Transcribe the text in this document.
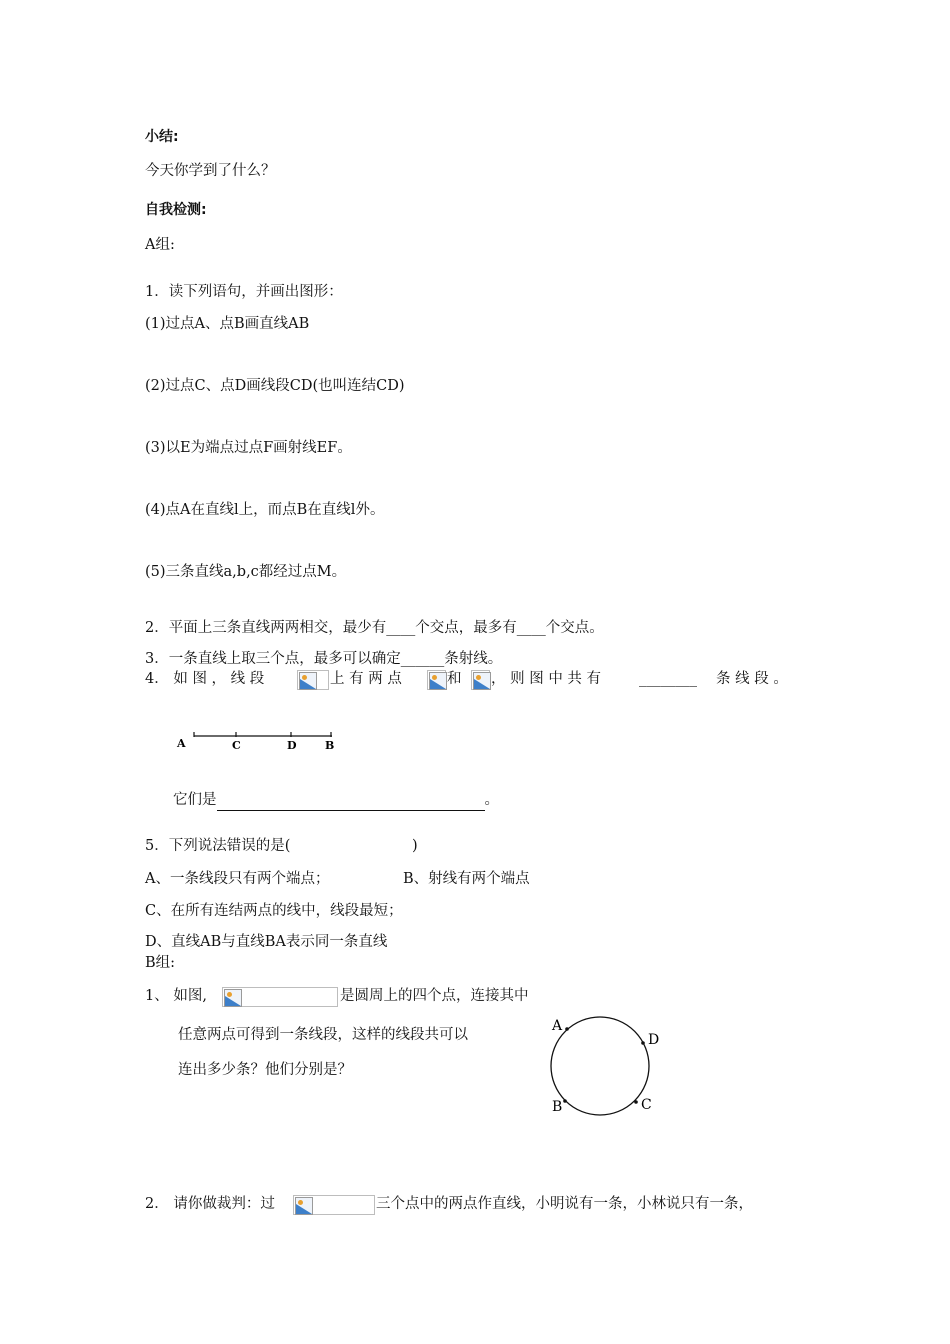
小结:
今天你学到了什么？
自我检测:
A组:
1．读下列语句，并画出图形：
(1)过点A、点B画直线AB
(2)过点C、点D画线段CD(也叫连结CD)
(3)以E为端点过点F画射线EF。
(4)点A在直线l上，而点B在直线l外。
(5)三条直线a,b,c都经过点M。
2．平面上三条直线两两相交，最少有____个交点，最多有____个交点。
3．一条直线上取三个点，最多可以确定______条射线。
4． 如 图 ， 线 段	上 有 两 点	和 ， 则 图 中 共 有	________ 条 线 段 。
A	C	D	B
它们是	。
5．下列说法错误的是(	)
A、一条线段只有两个端点；	B、射线有两个端点
C、在所有连结两点的线中，线段最短；
D、直线AB与直线BA表示同一条直线
B组:
1、 如图,	是圆周上的四个点，连接其中
任意两点可得到一条线段，这样的线段共可以
连出多少条？他们分别是？
A
D
B	C
2． 请你做裁判：过	三个点中的两点作直线，小明说有一条，小林说只有一条，
